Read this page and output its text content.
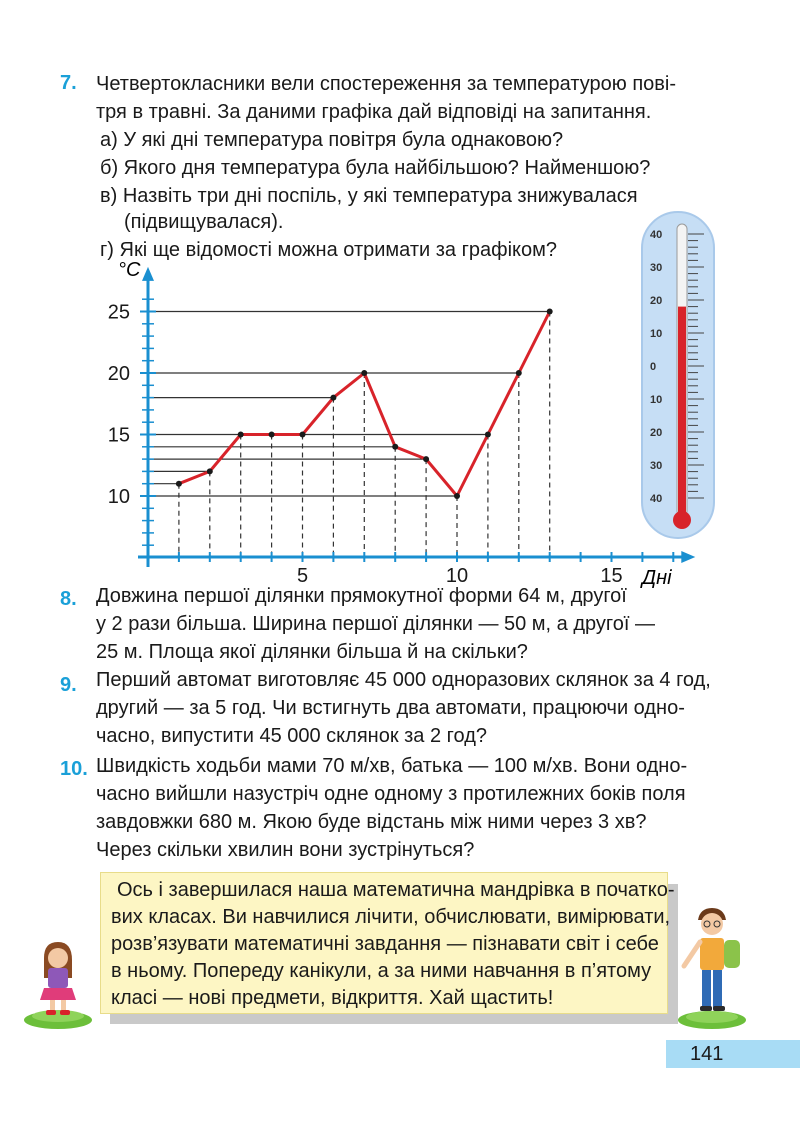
7. Четвертокласники вели спостереження за температурою пові-
тря в травні. За даними графіка дай відповіді на запитання.
а) У які дні температура повітря була однаковою?
б) Якого дня температура була найбільшою? Найменшою?
в) Назвіть три дні поспіль, у які температура знижувалася
(підвищувалася).
г) Які ще відомості можна отримати за графіком?
10
15
20
25
5	10	15
°С
Дні
40
30
20
10
0
10
20
30
40
8. Довжина першої ділянки прямокутної форми 64 м, другої
у 2 рази більша. Ширина першої ділянки — 50 м, а другої —
25 м. Площа якої ділянки більша й на скільки?
9. Перший автомат виготовляє 45 000 одноразових склянок за 4 год,
другий — за 5 год. Чи встигнуть два автомати, працюючи одно-
часно, випустити 45 000 склянок за 2 год?
10. Швидкість ходьби мами 70 м/хв, батька — 100 м/хв. Вони одно-
часно вийшли назустріч одне одному з протилежних боків поля
завдовжки 680 м. Якою буде відстань між ними через 3 хв?
Через скільки хвилин вони зустрінуться?
Ось і завершилася наша математична мандрівка в початко-
вих класах. Ви навчилися лічити, обчислювати, вимірювати,
розв’язувати математичні завдання — пізнавати світ і себе
в ньому. Попереду канікули, а за ними навчання в п’ятому
класі — нові предмети, відкриття. Хай щастить!
141
